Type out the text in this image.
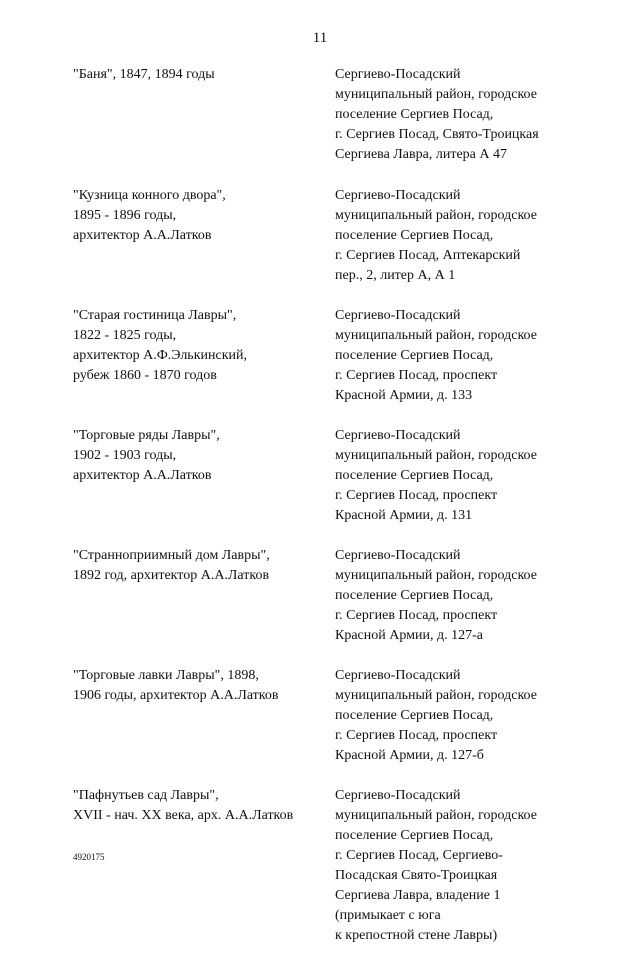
11
"Баня", 1847, 1894 годы	Сергиево-Посадский
муниципальный район, городское
поселение Сергиев Посад,
г. Сергиев Посад, Свято-Троицкая
Сергиева Лавра, литера А 47
"Кузница конного двора",
1895 - 1896 годы,
архитектор А.А.Латков
Сергиево-Посадский
муниципальный район, городское
поселение Сергиев Посад,
г. Сергиев Посад, Аптекарский
пер., 2, литер А, А 1
"Старая гостиница Лавры",
1822 - 1825 годы,
архитектор А.Ф.Элькинский,
рубеж 1860 - 1870 годов
Сергиево-Посадский
муниципальный район, городское
поселение Сергиев Посад,
г. Сергиев Посад, проспект
Красной Армии, д. 133
"Торговые ряды Лавры",
1902 - 1903 годы,
архитектор А.А.Латков
Сергиево-Посадский
муниципальный район, городское
поселение Сергиев Посад,
г. Сергиев Посад, проспект
Красной Армии, д. 131
"Странноприимный дом Лавры",
1892 год, архитектор А.А.Латков
Сергиево-Посадский
муниципальный район, городское
поселение Сергиев Посад,
г. Сергиев Посад, проспект
Красной Армии, д. 127-а
"Торговые лавки Лавры", 1898,
1906 годы, архитектор А.А.Латков
Сергиево-Посадский
муниципальный район, городское
поселение Сергиев Посад,
г. Сергиев Посад, проспект
Красной Армии, д. 127-б
"Пафнутьев сад Лавры",
XVII - нач. XX века, арх. А.А.Латков
Сергиево-Посадский
муниципальный район, городское
поселение Сергиев Посад,
г. Сергиев Посад, Сергиево-
Посадская Свято-Троицкая
Сергиева Лавра, владение 1
(примыкает с юга
к крепостной стене Лавры)
4920175
